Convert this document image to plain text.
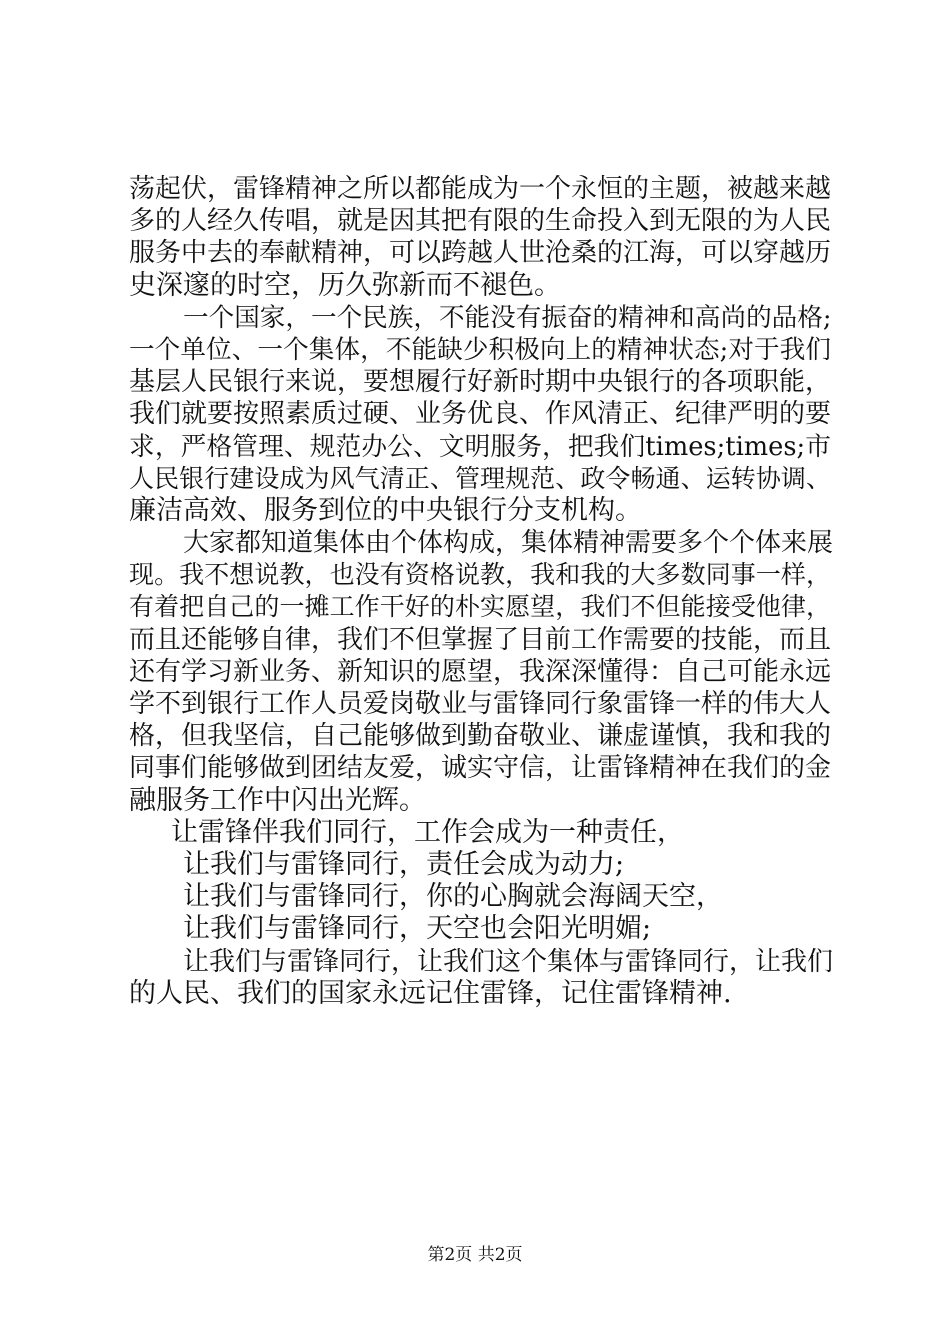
荡起伏，雷锋精神之所以都能成为一个永恒的主题，被越来越
多的人经久传唱，就是因其把有限的生命投入到无限的为人民
服务中去的奉献精神，可以跨越人世沧桑的江海，可以穿越历
史深邃的时空，历久弥新而不褪色。
一个国家，一个民族，不能没有振奋的精神和高尚的品格;
一个单位、一个集体，不能缺少积极向上的精神状态;对于我们
基层人民银行来说，要想履行好新时期中央银行的各项职能，
我们就要按照素质过硬、业务优良、作风清正、纪律严明的要
求，严格管理、规范办公、文明服务，把我们times;times;市
人民银行建设成为风气清正、管理规范、政令畅通、运转协调、
廉洁高效、服务到位的中央银行分支机构。
大家都知道集体由个体构成，集体精神需要多个个体来展
现。我不想说教，也没有资格说教，我和我的大多数同事一样，
有着把自己的一摊工作干好的朴实愿望，我们不但能接受他律，
而且还能够自律，我们不但掌握了目前工作需要的技能，而且
还有学习新业务、新知识的愿望，我深深懂得：自己可能永远
学不到银行工作人员爱岗敬业与雷锋同行象雷锋一样的伟大人
格，但我坚信，自己能够做到勤奋敬业、谦虚谨慎，我和我的
同事们能够做到团结友爱，诚实守信，让雷锋精神在我们的金
融服务工作中闪出光辉。
让雷锋伴我们同行，工作会成为一种责任，
让我们与雷锋同行，责任会成为动力;
让我们与雷锋同行，你的心胸就会海阔天空，
让我们与雷锋同行，天空也会阳光明媚;
让我们与雷锋同行，让我们这个集体与雷锋同行，让我们
的人民、我们的国家永远记住雷锋，记住雷锋精神.
第2页 共2页
